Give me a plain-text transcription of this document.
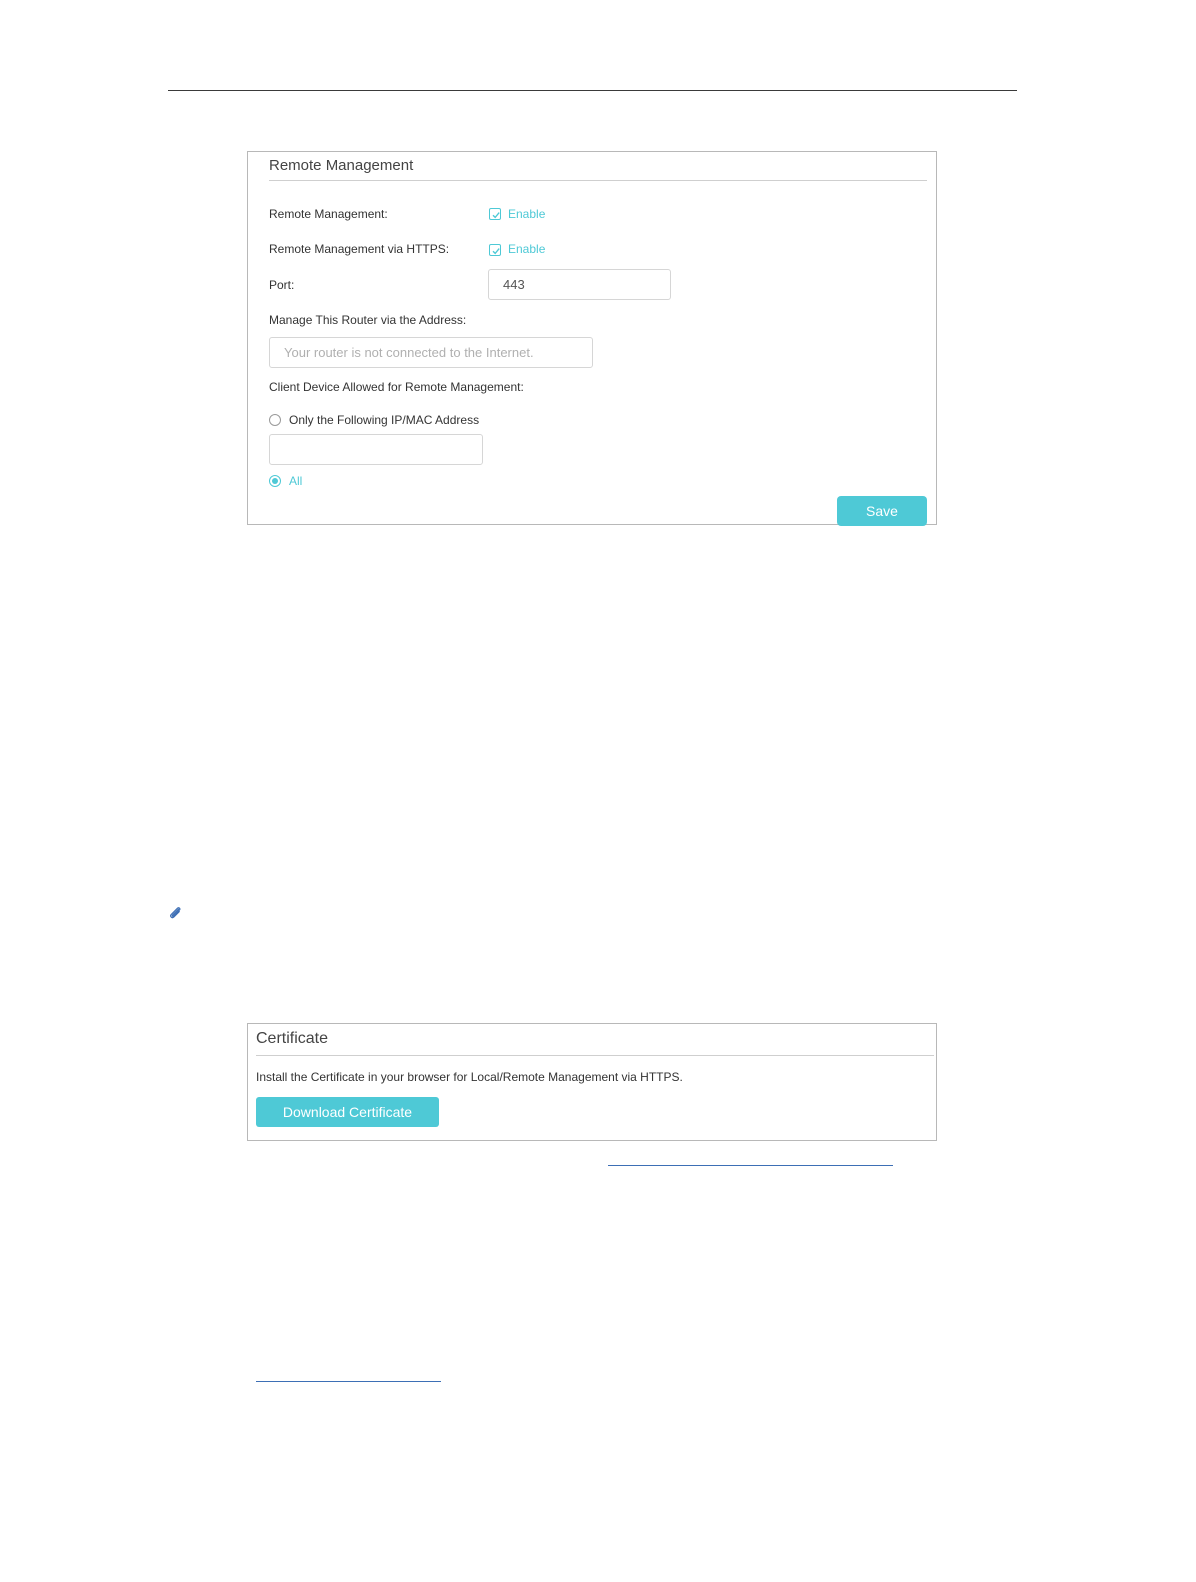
Remote Management
Remote Management:	Enable
Remote Management via HTTPS:	Enable
Port:
443
Manage This Router via the Address:
Your router is not connected to the Internet.
Client Device Allowed for Remote Management:
Only the Following IP/MAC Address
All
Save
Certificate
Install the Certificate in your browser for Local/Remote Management via HTTPS.
Download Certificate
